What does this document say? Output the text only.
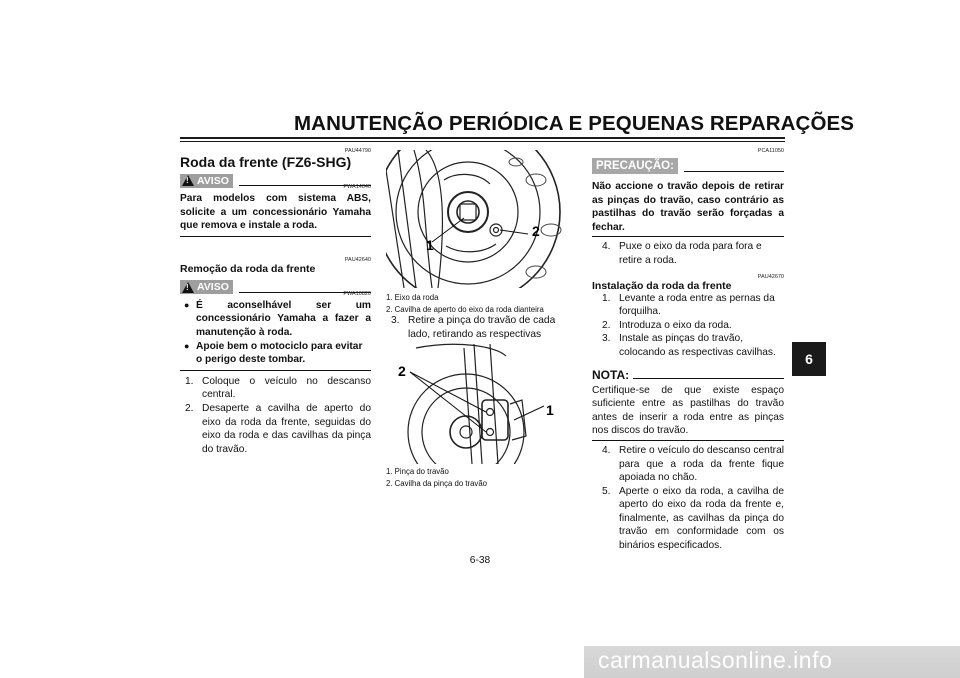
MANUTENÇÃO PERIÓDICA E PEQUENAS REPARAÇÕES
6
PAU44790
Roda da frente (FZ6-SHG)
! AVISO
PWA14840
Para modelos com sistema ABS, solicite a um concessionário Yamaha que remova e instale a roda.
PAU42640
Remoção da roda da frente
! AVISO
PWA10820
● É aconselhável ser um concessionário Yamaha a fazer a manutenção à roda.
● Apoie bem o motociclo para evitar o perigo deste tombar.
1. Coloque o veículo no descanso central.
2. Desaperte a cavilha de aperto do eixo da roda da frente, seguidas do eixo da roda e das cavilhas da pinça do travão.
1
2
1. Eixo da roda
2. Cavilha de aperto do eixo da roda dianteira
3. Retire a pinça do travão de cada lado, retirando as respectivas
2
1
1. Pinça do travão
2. Cavilha da pinça do travão
PCA11050
PRECAUÇÃO:
Não accione o travão depois de retirar as pinças do travão, caso contrário as pastilhas do travão serão forçadas a fechar.
4. Puxe o eixo da roda para fora e retire a roda.
PAU42670
Instalação da roda da frente
1. Levante a roda entre as pernas da forquilha.
2. Introduza o eixo da roda.
3. Instale as pinças do travão, colocando as respectivas cavilhas.
NOTA:
Certifique-se de que existe espaço suficiente entre as pastilhas do travão antes de inserir a roda entre as pinças nos discos do travão.
4. Retire o veículo do descanso central para que a roda da frente fique apoiada no chão.
5. Aperte o eixo da roda, a cavilha de aperto do eixo da roda da frente e, finalmente, as cavilhas da pinça do travão em conformidade com os binários especificados.
6-38
carmanualsonline.info
